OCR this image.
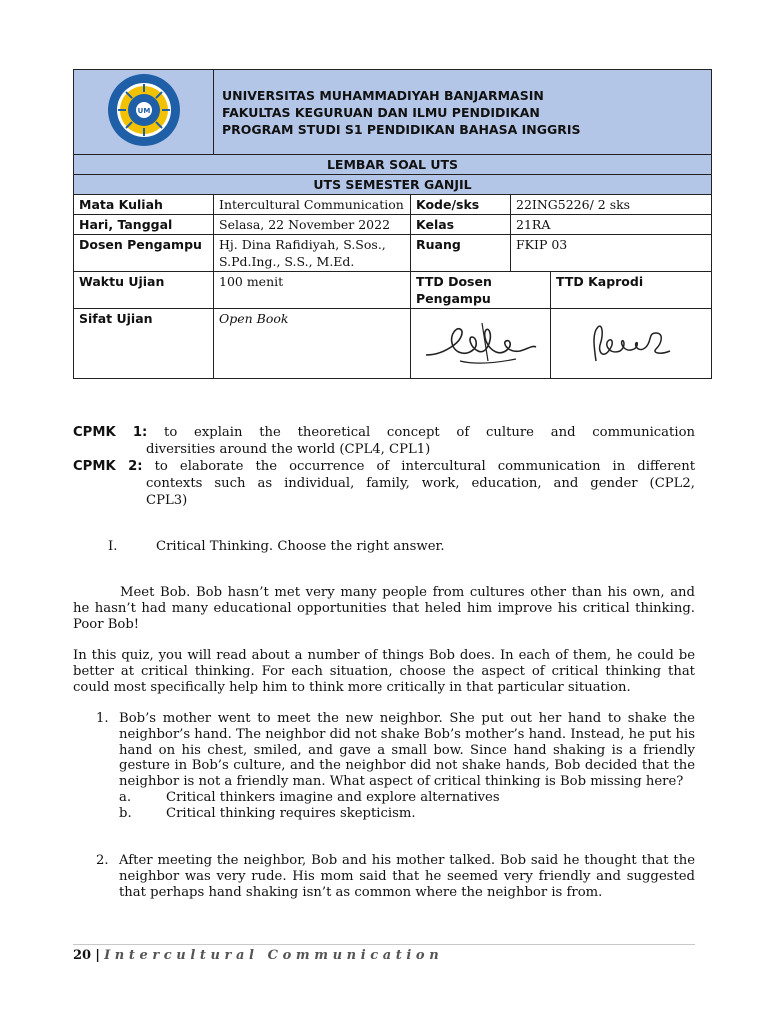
UM	UNIVERSITAS MUHAMMADIYAH BANJARMASIN
FAKULTAS KEGURUAN DAN ILMU PENDIDIKAN
PROGRAM STUDI S1 PENDIDIKAN BAHASA INGGRIS			

LEMBAR SOAL UTS				
UTS SEMESTER GANJIL				
Mata Kuliah	Intercultural Communication	Kode/sks	22ING5226/ 2 sks	
Hari, Tanggal	Selasa, 22 November 2022	Kelas	21RA	
Dosen Pengampu	Hj. Dina Rafidiyah, S.Sos., S.Pd.Ing., S.S., M.Ed.	Ruang	FKIP 03	
Waktu Ujian	100 menit	TTD Dosen Pengampu		TTD Kaprodi
Sifat Ujian	Open Book		
CPMK 1: to explain the theoretical concept of culture and communication
diversities around the world (CPL4, CPL1)
CPMK 2: to elaborate the occurrence of intercultural communication in different
contexts such as individual, family, work, education, and gender (CPL2,
CPL3)
I.	Critical Thinking. Choose the right answer.
Meet Bob. Bob hasn’t met very many people from cultures other than his own, and he hasn’t had many educational opportunities that heled him improve his critical thinking. Poor Bob!
In this quiz, you will read about a number of things Bob does. In each of them, he could be better at critical thinking. For each situation, choose the aspect of critical thinking that could most specifically help him to think more critically in that particular situation.
1. Bob’s mother went to meet the new neighbor. She put out her hand to shake the neighbor’s hand. The neighbor did not shake Bob’s mother’s hand. Instead, he put his hand on his chest, smiled, and gave a small bow. Since hand shaking is a friendly gesture in Bob’s culture, and the neighbor did not shake hands, Bob decided that the neighbor is not a friendly man. What aspect of critical thinking is Bob missing here?
a.	Critical thinkers imagine and explore alternatives
b.	Critical thinking requires skepticism.
2. After meeting the neighbor, Bob and his mother talked. Bob said he thought that the neighbor was very rude. His mom said that he seemed very friendly and suggested that perhaps hand shaking isn’t as common where the neighbor is from.
20 | Intercultural Communication
